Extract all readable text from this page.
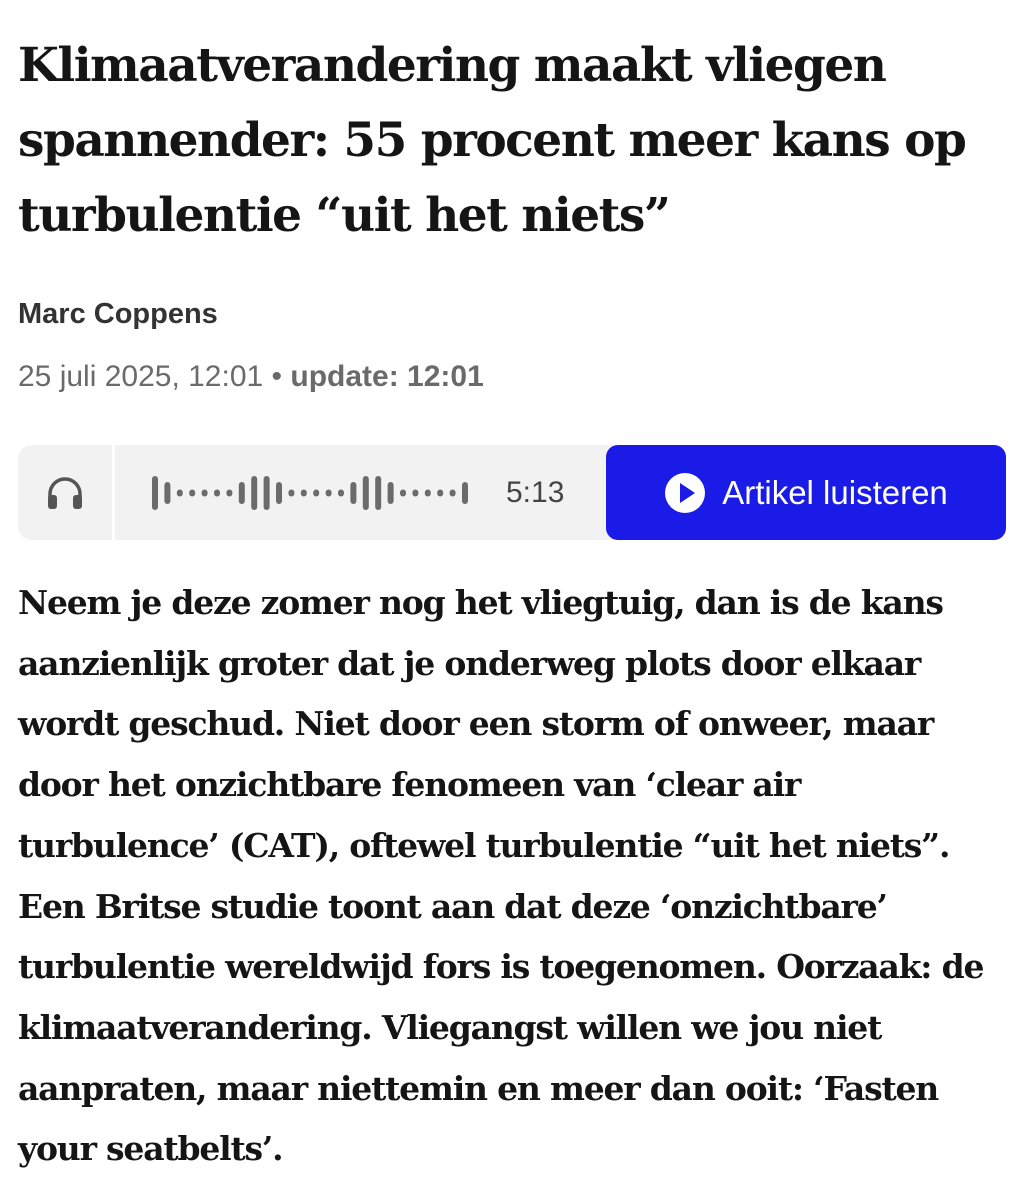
Klimaatverandering maakt vliegen spannender: 55 procent meer kans op turbulentie “uit het niets”
Marc Coppens
25 juli 2025, 12:01 • update: 12:01
5:13	Artikel luisteren

Neem je deze zomer nog het vliegtuig, dan is de kans aanzienlijk groter dat je onderweg plots door elkaar wordt geschud. Niet door een storm of onweer, maar door het onzichtbare fenomeen van ‘clear air turbulence’ (CAT), oftewel turbulentie “uit het niets”. Een Britse studie toont aan dat deze ‘onzichtbare’ turbulentie wereldwijd fors is toegenomen. Oorzaak: de klimaatverandering. Vliegangst willen we jou niet aanpraten, maar niettemin en meer dan ooit: ‘Fasten your seatbelts’.
